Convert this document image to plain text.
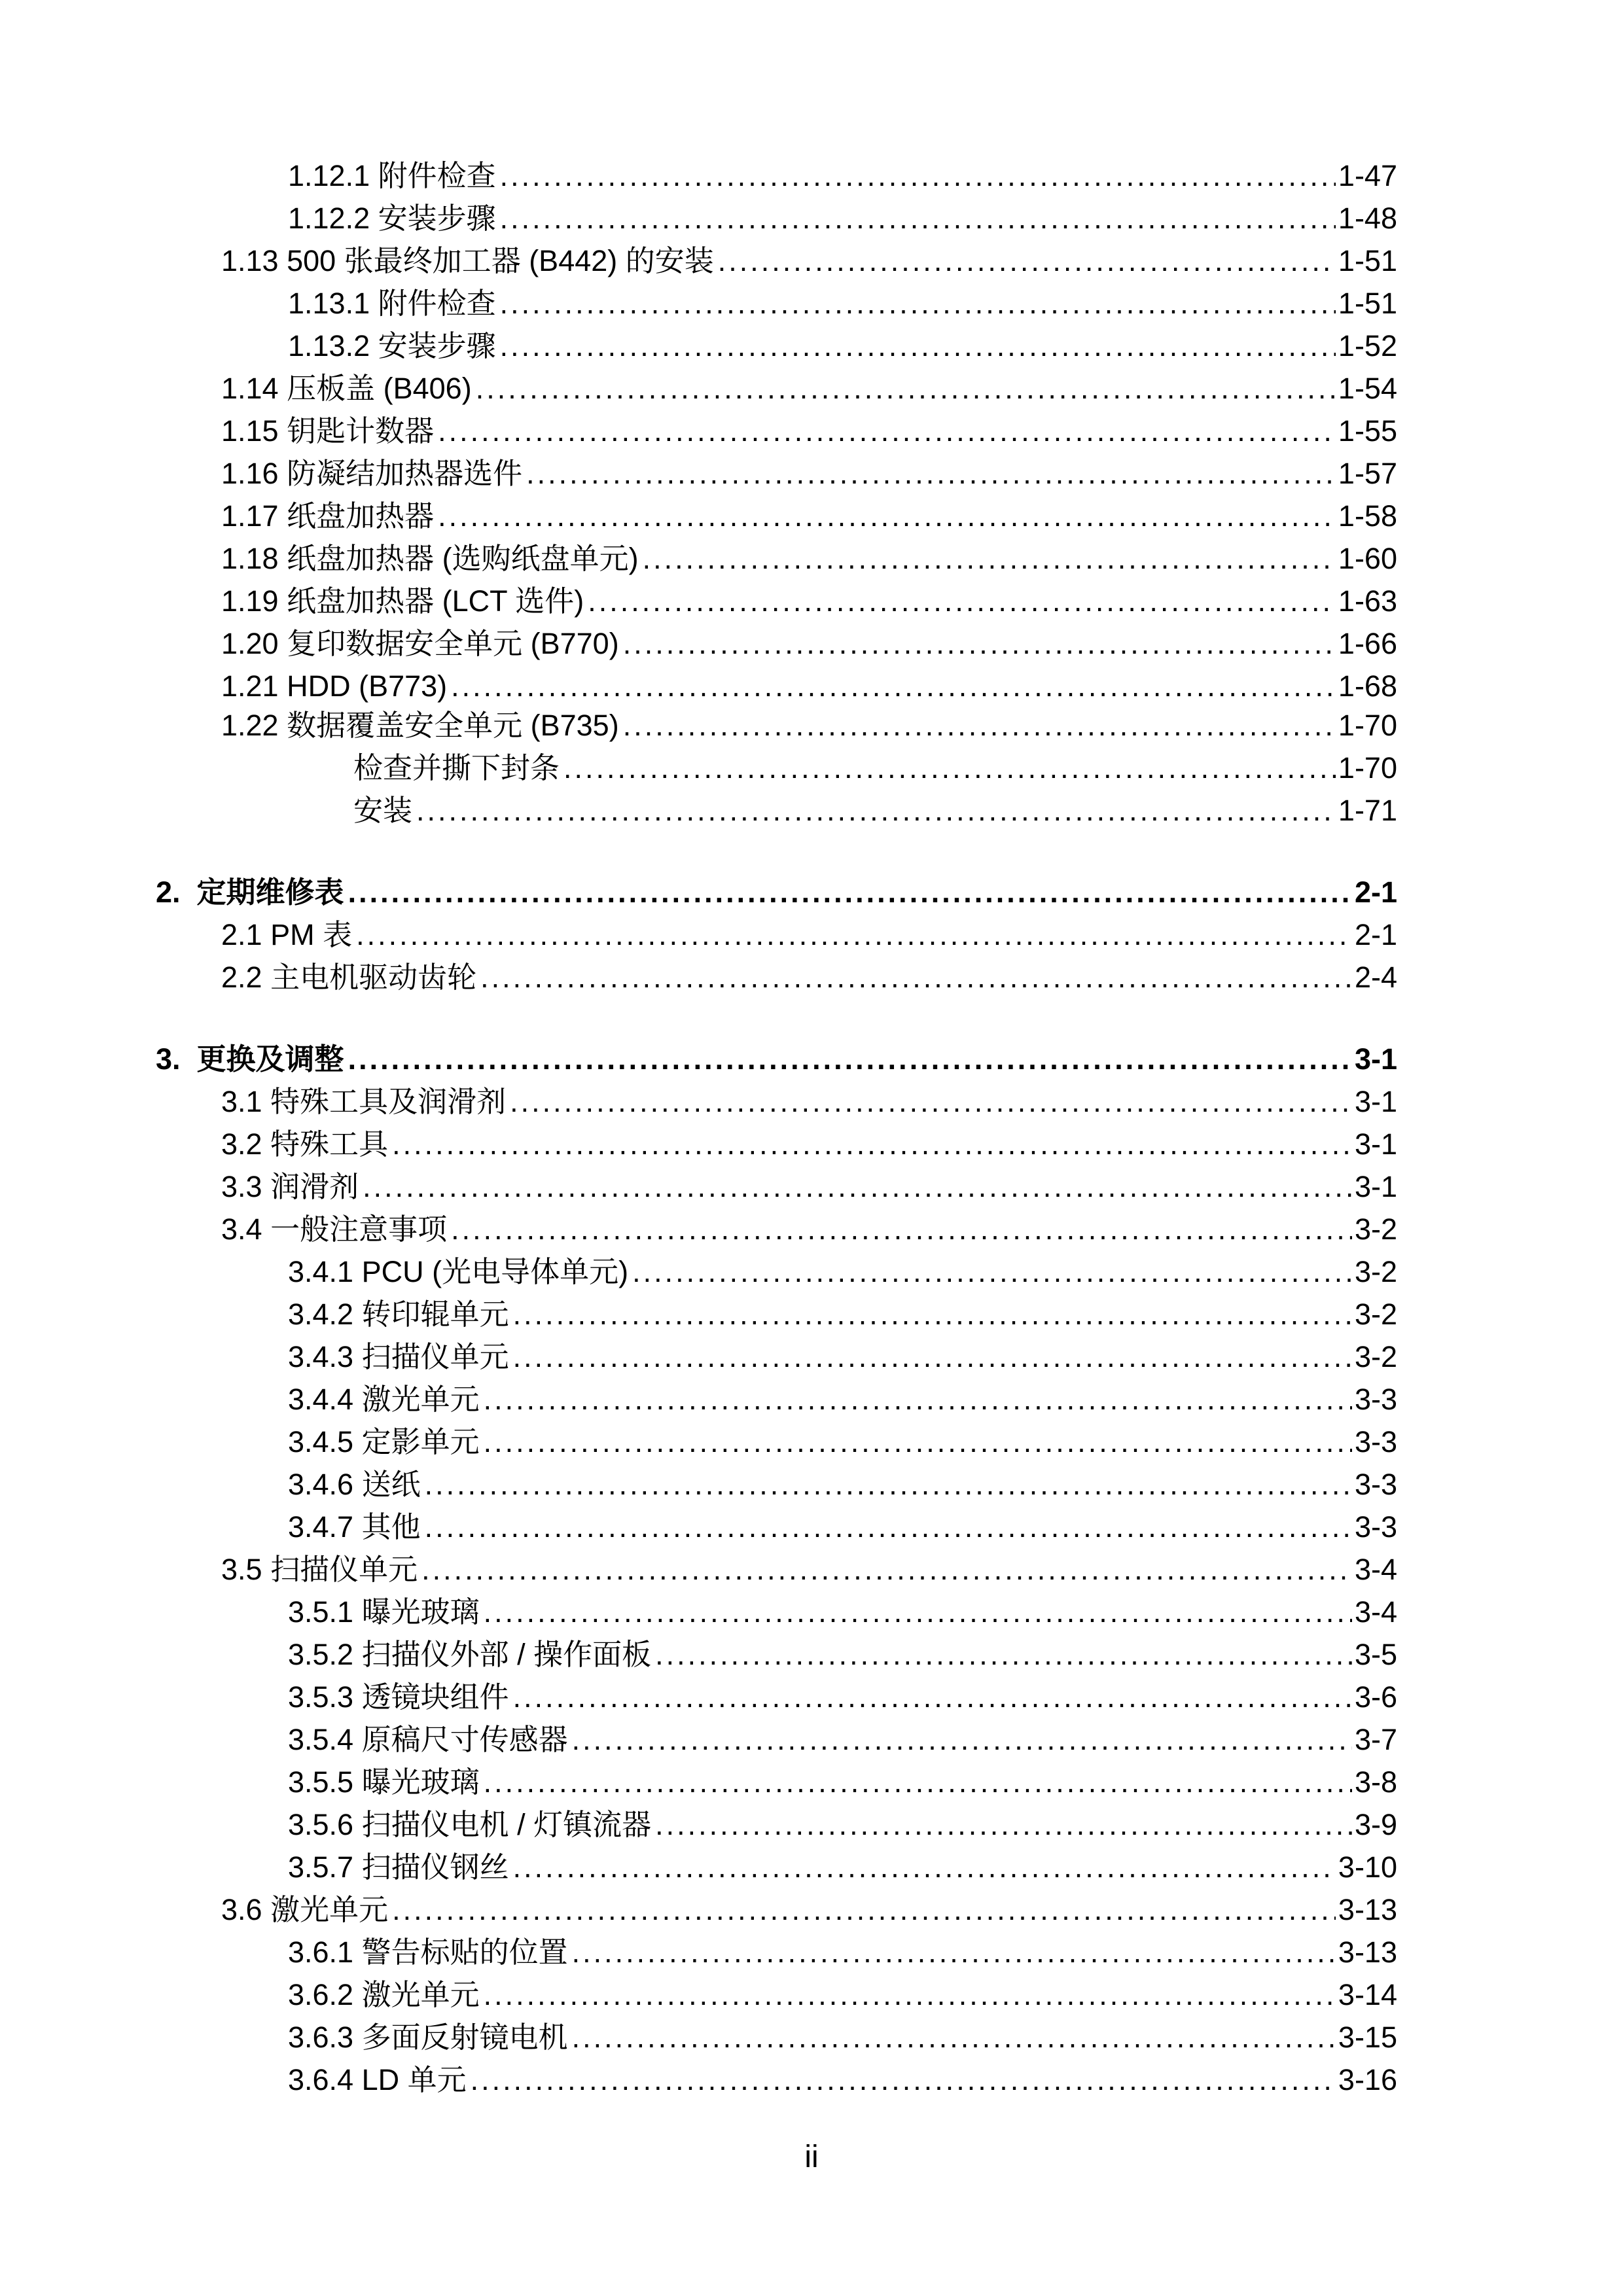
1.12.1 附件检查 .....	1-47
1.12.2 安装步骤 .....	1-48
1.13 500 张最终加工器 (B442) 的安装 .....	1-51
1.13.1 附件检查 .....	1-51
1.13.2 安装步骤 .....	1-52
1.14 压板盖 (B406) .....	1-54
1.15 钥匙计数器 .....	1-55
1.16 防凝结加热器选件 .....	1-57
1.17 纸盘加热器 .....	1-58
1.18 纸盘加热器 (选购纸盘单元) .....	1-60
1.19 纸盘加热器 (LCT 选件) .....	1-63
1.20 复印数据安全单元 (B770) .....	1-66
1.21 HDD (B773) .....	1-68
1.22 数据覆盖安全单元 (B735) .....	1-70
检查并撕下封条 .....	1-70
安装 .....	1-71
2. 定期维修表 .....	2-1
2.1 PM 表 .....	2-1
2.2 主电机驱动齿轮 .....	2-4
3. 更换及调整 .....	3-1
3.1 特殊工具及润滑剂 .....	3-1
3.2 特殊工具 .....	3-1
3.3 润滑剂 .....	3-1
3.4 一般注意事项 .....	3-2
3.4.1 PCU (光电导体单元) .....	3-2
3.4.2 转印辊单元 .....	3-2
3.4.3 扫描仪单元 .....	3-2
3.4.4 激光单元 .....	3-3
3.4.5 定影单元 .....	3-3
3.4.6 送纸 .....	3-3
3.4.7 其他 .....	3-3
3.5 扫描仪单元 .....	3-4
3.5.1 曝光玻璃 .....	3-4
3.5.2 扫描仪外部 / 操作面板 .....	3-5
3.5.3 透镜块组件 .....	3-6
3.5.4 原稿尺寸传感器 .....	3-7
3.5.5 曝光玻璃 .....	3-8
3.5.6 扫描仪电机 / 灯镇流器 .....	3-9
3.5.7 扫描仪钢丝 .....	3-10
3.6 激光单元 .....	3-13
3.6.1 警告标贴的位置 .....	3-13
3.6.2 激光单元 .....	3-14
3.6.3 多面反射镜电机 .....	3-15
3.6.4 LD 单元 .....	3-16
ii
